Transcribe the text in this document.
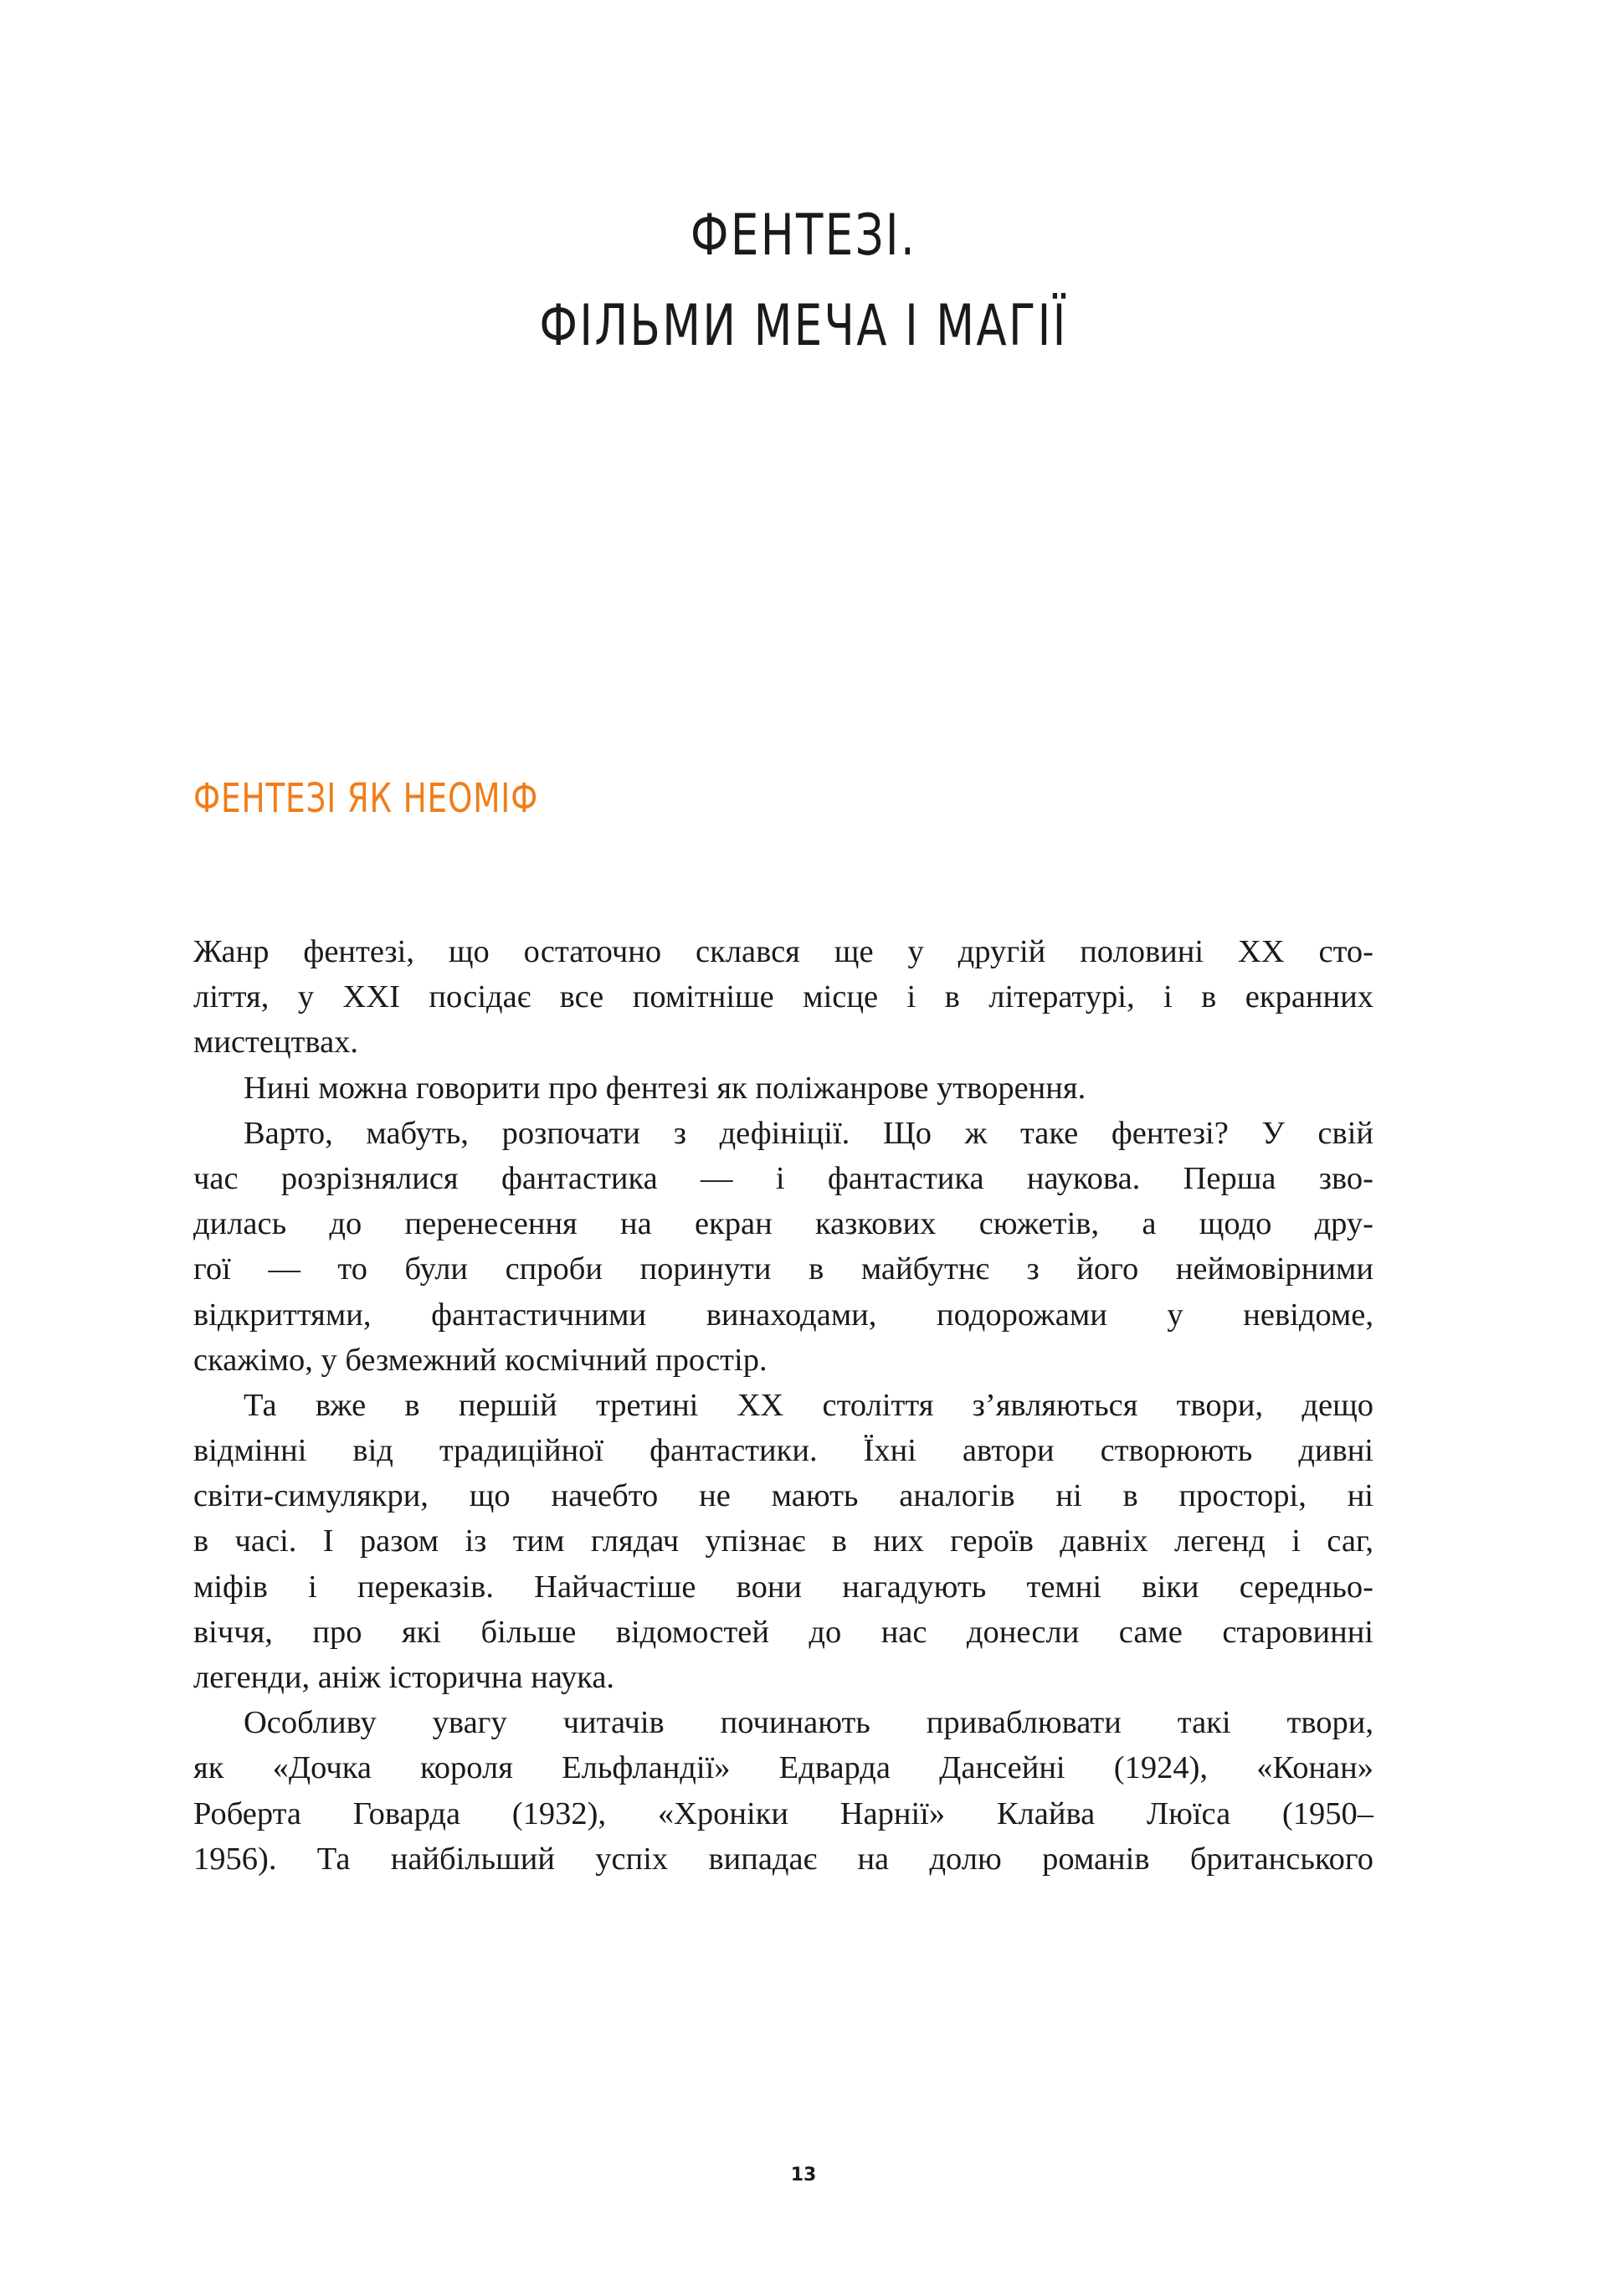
ФЕНТЕЗІ.
ФІЛЬМИ МЕЧА І МАГІЇ
ФЕНТЕЗІ ЯК НЕОМІФ
Жанр фентезі, що остаточно склався ще у другій половині ХХ сто-
ліття, у ХХІ посідає все помітніше місце і в літературі, і в екранних
мистецтвах.
Нині можна говорити про фентезі як поліжанрове утворення.
Варто, мабуть, розпочати з дефініції. Що ж таке фентезі? У свій
час розрізнялися фантастика — і фантастика наукова. Перша зво-
дилась до перенесення на екран казкових сюжетів, а щодо дру-
гої — то були спроби поринути в майбутнє з його неймовірними
відкриттями, фантастичними винаходами, подорожами у невідоме,
скажімо, у безмежний космічний простір.
Та вже в першій третині ХХ століття з’являються твори, дещо
відмінні від традиційної фантастики. Їхні автори створюють дивні
світи-симулякри, що начебто не мають аналогів ні в просторі, ні
в часі. І разом із тим глядач упізнає в них героїв давніх легенд і саг,
міфів і переказів. Найчастіше вони нагадують темні віки середньо-
віччя, про які більше відомостей до нас донесли саме старовинні
легенди, аніж історична наука.
Особливу увагу читачів починають приваблювати такі твори,
як «Дочка короля Ельфландії» Едварда Дансейні (1924), «Конан»
Роберта Говарда (1932), «Хроніки Нарнії» Клайва Люїса (1950–
1956). Та найбільший успіх випадає на долю романів британського
13
